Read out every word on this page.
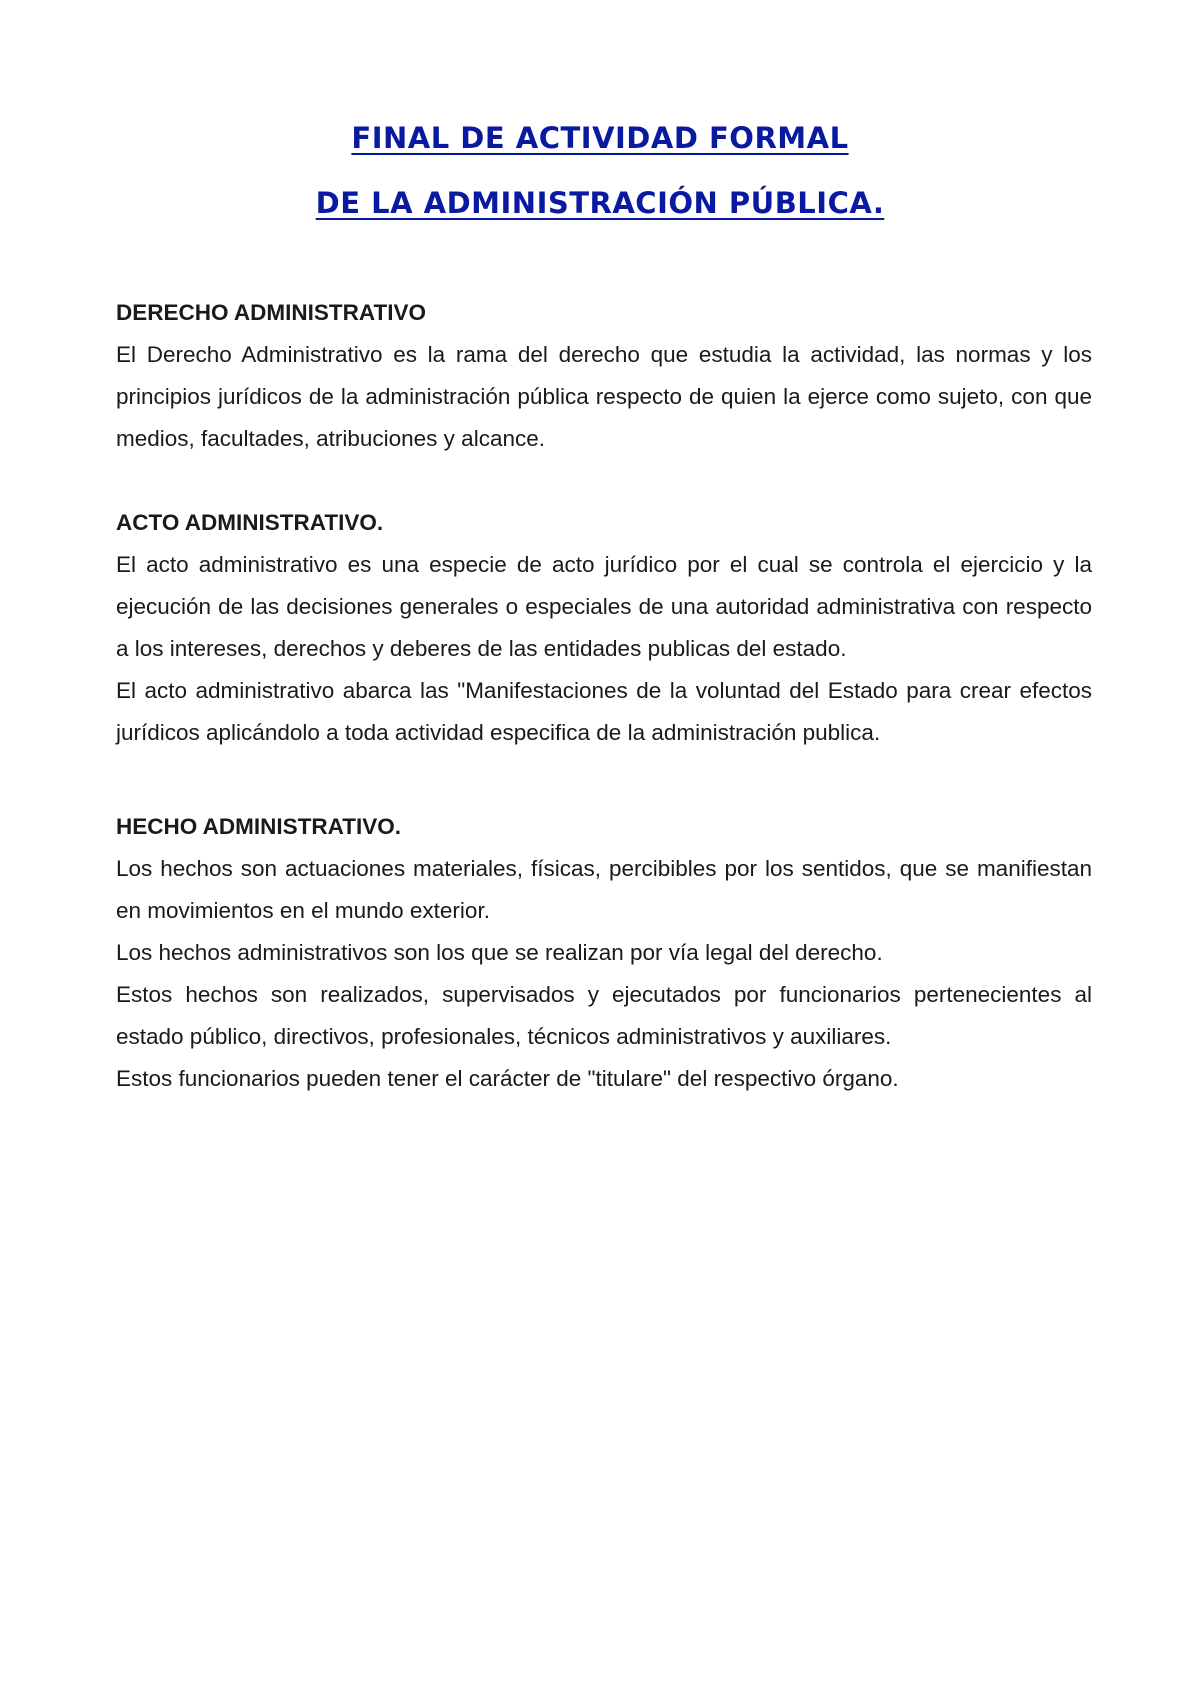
FINAL DE ACTIVIDAD FORMAL
DE LA ADMINISTRACIÓN PÚBLICA.

DERECHO ADMINISTRATIVO

El Derecho Administrativo es la rama del derecho que estudia la actividad, las normas y los principios jurídicos de la administración pública respecto de quien la ejerce como sujeto, con que medios, facultades, atribuciones y alcance.

ACTO ADMINISTRATIVO.

El acto administrativo es una especie de acto jurídico por el cual se controla el ejercicio y la ejecución de las decisiones generales o especiales de una autoridad administrativa con respecto a los intereses, derechos y deberes de las entidades publicas del estado.

El acto administrativo abarca las "Manifestaciones de la voluntad del Estado para crear efectos jurídicos aplicándolo a toda actividad especifica de la administración publica.

HECHO ADMINISTRATIVO.

Los hechos son actuaciones materiales, físicas, percibibles por los sentidos, que se manifiestan en movimientos en el mundo exterior.

Los hechos administrativos son los que se realizan por vía legal del derecho.

Estos hechos son realizados, supervisados y ejecutados por funcionarios pertenecientes al estado público, directivos, profesionales, técnicos administrativos y auxiliares.

Estos funcionarios pueden tener el carácter de "titulare" del respectivo órgano.
